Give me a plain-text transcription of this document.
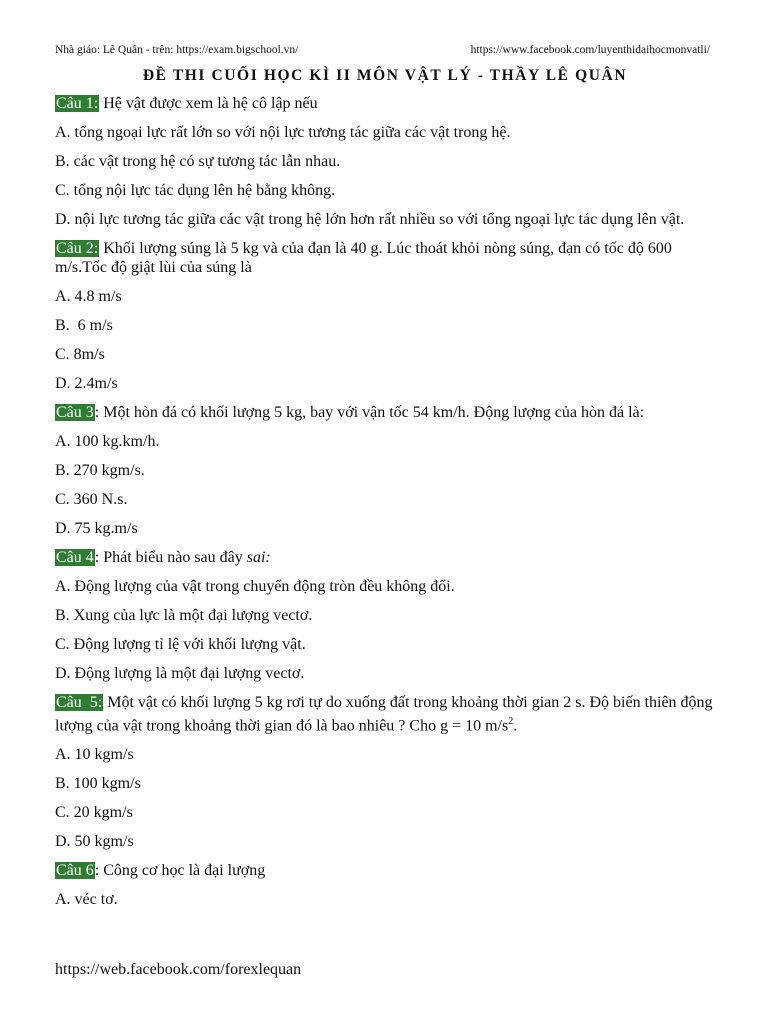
Nhà giáo: Lê Quân - trên: https://exam.bigschool.vn/	https://www.facebook.com/luyenthidaihocmonvatli/
ĐỀ THI CUỐI HỌC KÌ II MÔN VẬT LÝ - THẦY LÊ QUÂN
Câu 1: Hệ vật được xem là hệ cô lập nếu
A. tổng ngoại lực rất lớn so với nội lực tương tác giữa các vật trong hệ.
B. các vật trong hệ có sự tương tác lẫn nhau.
C. tổng nội lực tác dụng lên hệ bằng không.
D. nội lực tương tác giữa các vật trong hệ lớn hơn rất nhiều so với tổng ngoại lực tác dụng lên vật.
Câu 2: Khối lượng súng là 5 kg và của đạn là 40 g. Lúc thoát khỏi nòng súng, đạn có tốc độ 600 m/s.Tốc độ giật lùi của súng là
A. 4.8 m/s
B.  6 m/s
C. 8m/s
D. 2.4m/s
Câu 3: Một hòn đá có khối lượng 5 kg, bay với vận tốc 54 km/h. Động lượng của hòn đá là:
A. 100 kg.km/h.
B. 270 kgm/s.
C. 360 N.s.
D. 75 kg.m/s
Câu 4: Phát biểu nào sau đây sai:
A. Động lượng của vật trong chuyển động tròn đều không đổi.
B. Xung của lực là một đại lượng vectơ.
C. Động lượng tỉ lệ với khối lượng vật.
D. Động lượng là một đại lượng vectơ.
Câu  5: Một vật có khối lượng 5 kg rơi tự do xuống đất trong khoảng thời gian 2 s. Độ biến thiên động lượng của vật trong khoảng thời gian đó là bao nhiêu ? Cho g = 10 $m/s^2$.
A. 10 kgm/s
B. 100 kgm/s
C. 20 kgm/s
D. 50 kgm/s
Câu 6: Công cơ học là đại lượng
A. véc tơ.
https://web.facebook.com/forexlequan
